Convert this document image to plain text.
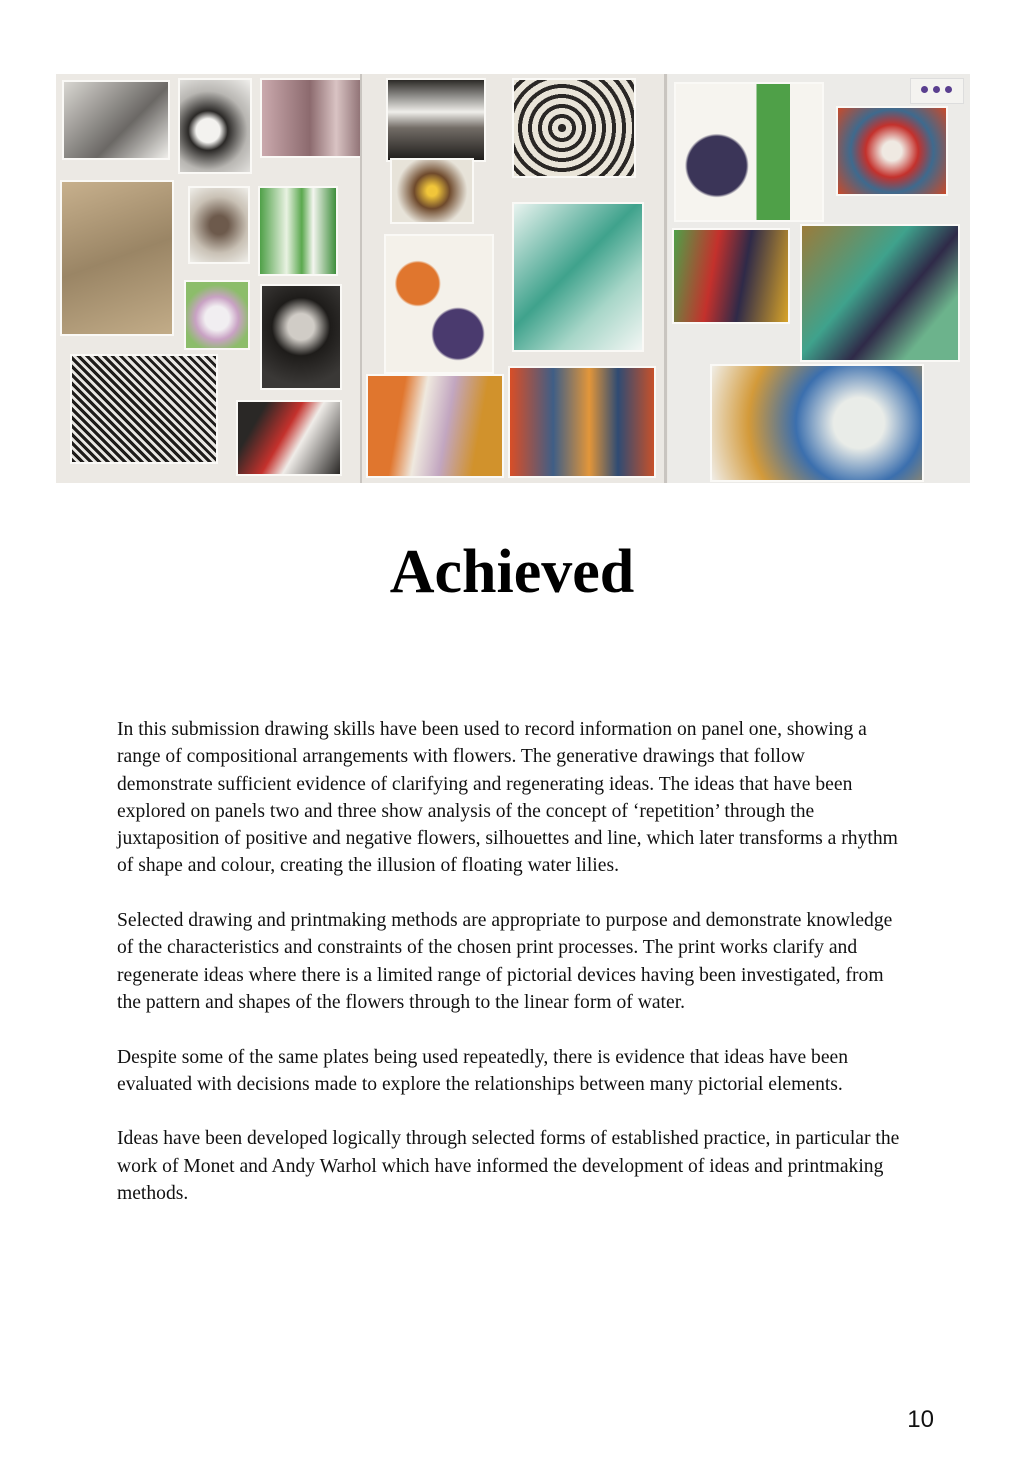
Achieved

In this submission drawing skills have been used to record information on panel one, showing a range of compositional arrangements with flowers. The generative drawings that follow demonstrate sufficient evidence of clarifying and regenerating ideas. The ideas that have been explored on panels two and three show analysis of the concept of ‘repetition’ through the juxtaposition of positive and negative flowers, silhouettes and line, which later transforms a rhythm of shape and colour, creating the illusion of floating water lilies.

Selected drawing and printmaking methods are appropriate to purpose and demonstrate knowledge of the characteristics and constraints of the chosen print processes. The print works clarify and regenerate ideas where there is a limited range of pictorial devices having been investigated, from the pattern and shapes of the flowers through to the linear form of water.

Despite some of the same plates being used repeatedly, there is evidence that ideas have been evaluated with decisions made to explore the relationships between many pictorial elements.

Ideas have been developed logically through selected forms of established practice, in particular the work of Monet and Andy Warhol which have informed the development of ideas and printmaking methods.

10
